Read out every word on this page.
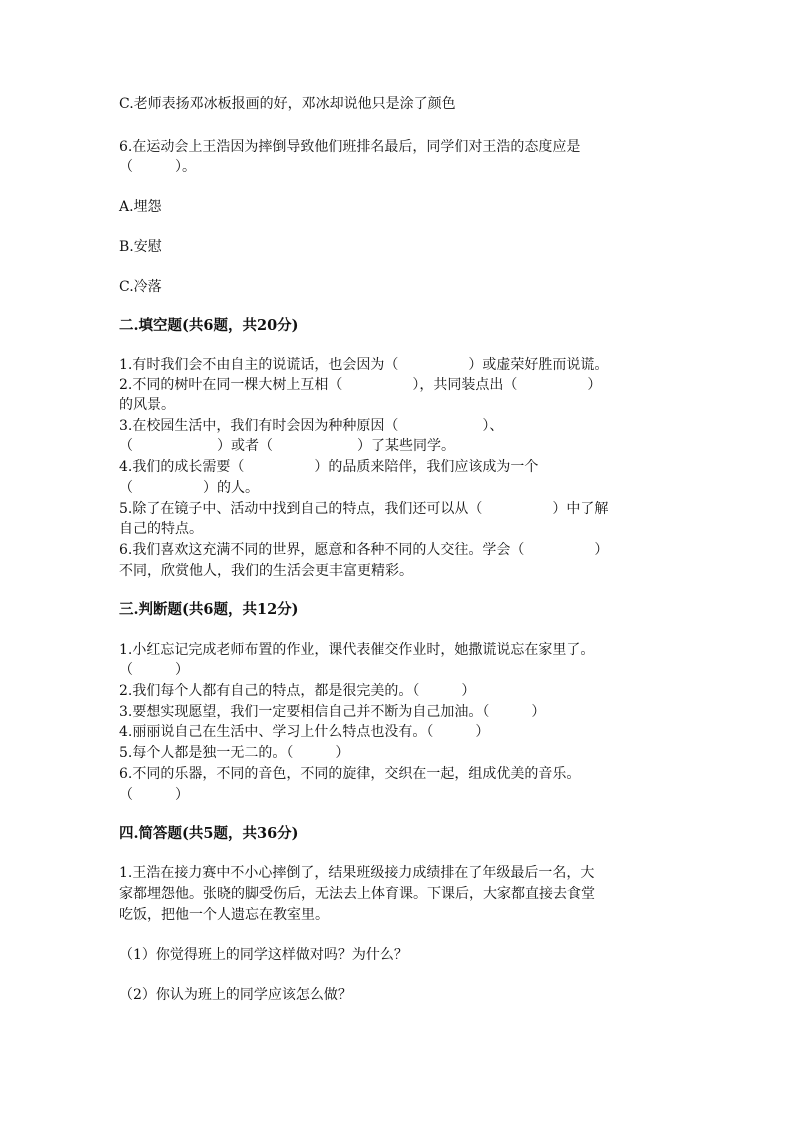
C.老师表扬邓冰板报画的好，邓冰却说他只是涂了颜色
6.在运动会上王浩因为摔倒导致他们班排名最后，同学们对王浩的态度应是
（　　　）。
A.埋怨
B.安慰
C.冷落
二.填空题(共6题，共20分)
1.有时我们会不由自主的说谎话，也会因为（　　　　　）或虚荣好胜而说谎。
2.不同的树叶在同一棵大树上互相（　　　　　），共同装点出（　　　　　）
的风景。
3.在校园生活中，我们有时会因为种种原因（　　　　　　）、
（　　　　　　）或者（　　　　　　）了某些同学。
4.我们的成长需要（　　　　　）的品质来陪伴，我们应该成为一个
（　　　　　）的人。
5.除了在镜子中、活动中找到自己的特点，我们还可以从（　　　　　）中了解
自己的特点。
6.我们喜欢这充满不同的世界，愿意和各种不同的人交往。学会（　　　　　）
不同，欣赏他人，我们的生活会更丰富更精彩。
三.判断题(共6题，共12分)
1.小红忘记完成老师布置的作业，课代表催交作业时，她撒谎说忘在家里了。
（　　　）
2.我们每个人都有自己的特点，都是很完美的。（　　　）
3.要想实现愿望，我们一定要相信自己并不断为自己加油。（　　　）
4.丽丽说自己在生活中、学习上什么特点也没有。（　　　）
5.每个人都是独一无二的。（　　　）
6.不同的乐器，不同的音色，不同的旋律，交织在一起，组成优美的音乐。
（　　　）
四.简答题(共5题，共36分)
1.王浩在接力赛中不小心摔倒了，结果班级接力成绩排在了年级最后一名，大
家都埋怨他。张晓的脚受伤后，无法去上体育课。下课后，大家都直接去食堂
吃饭，把他一个人遗忘在教室里。
（1）你觉得班上的同学这样做对吗？为什么？
（2）你认为班上的同学应该怎么做？
